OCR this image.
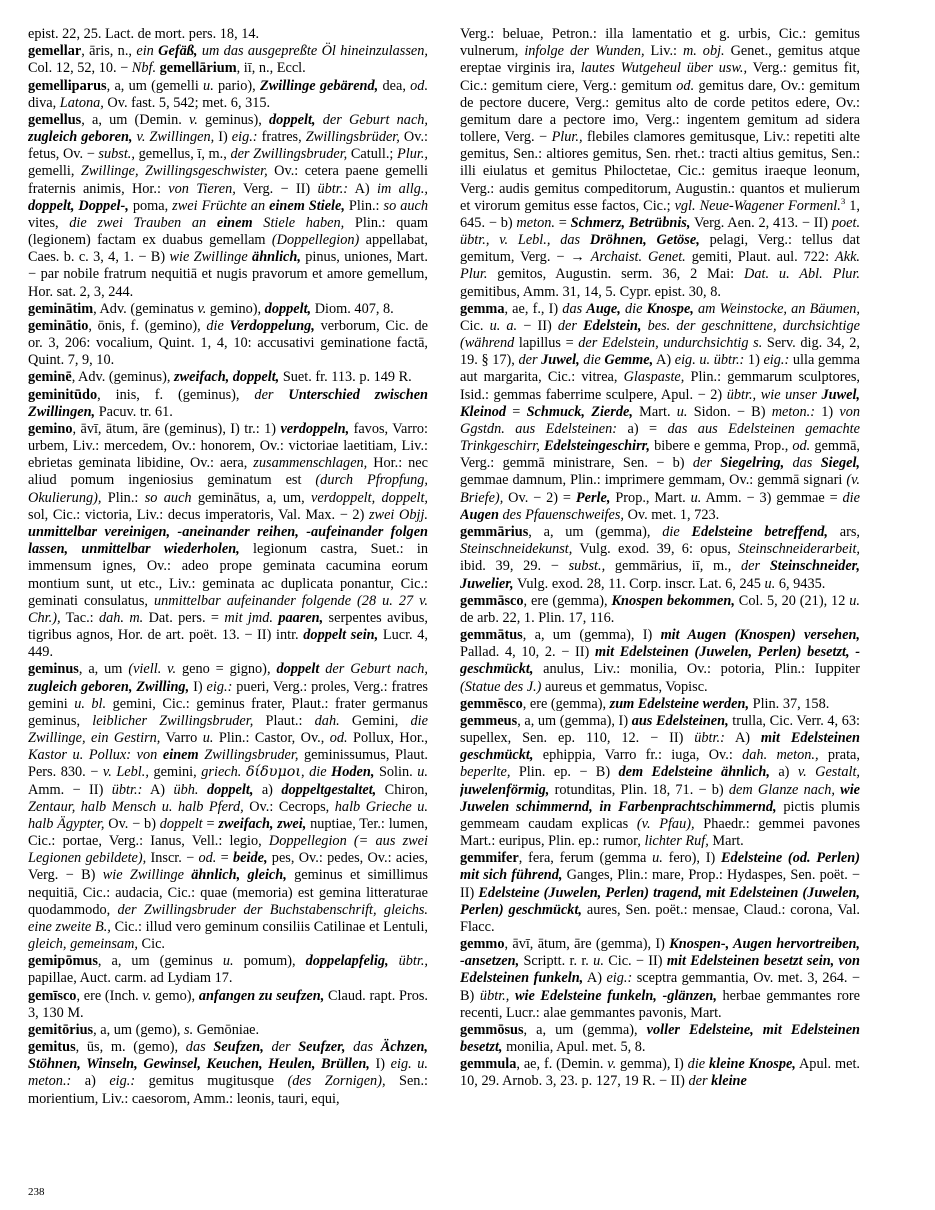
epist. 22, 25. Lact. de mort. pers. 18, 14.

gemellar, āris, n., ein Gefäß, um das ausgepreßte Öl hineinzulassen, Col. 12, 52, 10. − Nbf. gemellārium, iī, n., Eccl.

gemelliparus, a, um (gemelli u. pario), Zwillinge gebärend, dea, od. diva, Latona, Ov. fast. 5, 542; met. 6, 315.

gemellus, a, um (Demin. v. geminus), doppelt, der Geburt nach, zugleich geboren, v. Zwillingen, I) eig.: fratres, Zwillingsbrüder, Ov.: fetus, Ov. − subst., gemellus, ī, m., der Zwillingsbruder, Catull.; Plur., gemelli, Zwillinge, Zwillingsgeschwister, Ov.: cetera paene gemelli fraternis animis, Hor.: von Tieren, Verg. − II) übtr.: A) im allg., doppelt, Doppel-, poma, zwei Früchte an einem Stiele, Plin.: so auch vites, die zwei Trauben an einem Stiele haben, Plin.: quam (legionem) factam ex duabus gemellam (Doppellegion) appellabat, Caes. b. c. 3, 4, 1. − B) wie Zwillinge ähnlich, pinus, uniones, Mart. − par nobile fratrum nequitiā et nugis pravorum et amore gemellum, Hor. sat. 2, 3, 244.

geminātim, Adv. (geminatus v. gemino), doppelt, Diom. 407, 8.

geminātio, ōnis, f. (gemino), die Verdoppelung, verborum, Cic. de or. 3, 206: vocalium, Quint. 1, 4, 10: accusativi geminatione factā, Quint. 7, 9, 10.

geminē, Adv. (geminus), zweifach, doppelt, Suet. fr. 113. p. 149 R.

geminitūdo, inis, f. (geminus), der Unterschied zwischen Zwillingen, Pacuv. tr. 61.

gemino, āvī, ātum, āre (geminus), I) tr.: 1) verdoppeln, favos, Varro: urbem, Liv.: mercedem, Ov.: honorem, Ov.: victoriae laetitiam, Liv.: ebrietas geminata libidine, Ov.: aera, zusammenschlagen, Hor.: nec aliud pomum ingeniosius geminatum est (durch Pfropfung, Okulierung), Plin.: so auch geminātus, a, um, verdoppelt, doppelt, sol, Cic.: victoria, Liv.: decus imperatoris, Val. Max. − 2) zwei Objj. unmittelbar vereinigen, -aneinander reihen, -aufeinander folgen lassen, unmittelbar wiederholen, legionum castra, Suet.: in immensum ignes, Ov.: adeo prope geminata cacumina eorum montium sunt, ut etc., Liv.: geminata ac duplicata ponantur, Cic.: geminati consulatus, unmittelbar aufeinander folgende (28 u. 27 v. Chr.), Tac.: dah. m. Dat. pers. = mit jmd. paaren, serpentes avibus, tigribus agnos, Hor. de art. poët. 13. − II) intr. doppelt sein, Lucr. 4, 449.

geminus, a, um (viell. v. geno = gigno), doppelt der Geburt nach, zugleich geboren, Zwilling, I) eig.: pueri, Verg.: proles, Verg.: fratres gemini u. bl. gemini, Cic.: geminus frater, Plaut.: frater germanus geminus, leiblicher Zwillingsbruder, Plaut.: dah. Gemini, die Zwillinge, ein Gestirn, Varro u. Plin.: Castor, Ov., od. Pollux, Hor., Kastor u. Pollux: von einem Zwillingsbruder, geminissumus, Plaut. Pers. 830. − v. Lebl., gemini, griech. δίδυμοι, die Hoden, Solin. u. Amm. − II) übtr.: A) übh. doppelt, a) doppeltgestaltet, Chiron, Zentaur, halb Mensch u. halb Pferd, Ov.: Cecrops, halb Grieche u. halb Ägypter, Ov. − b) doppelt = zweifach, zwei, nuptiae, Ter.: lumen, Cic.: portae, Verg.: Ianus, Vell.: legio, Doppellegion (= aus zwei Legionen gebildete), Inscr. − od. = beide, pes, Ov.: pedes, Ov.: acies, Verg. − B) wie Zwillinge ähnlich, gleich, geminus et simillimus nequitiā, Cic.: audacia, Cic.: quae (memoria) est gemina litteraturae quodammodo, der Zwillingsbruder der Buchstabenschrift, gleichs. eine zweite B., Cic.: illud vero geminum consiliis Catilinae et Lentuli, gleich, gemeinsam, Cic.

gemipōmus, a, um (geminus u. pomum), doppelapfelig, übtr., papillae, Auct. carm. ad Lydiam 17.

gemīsco, ere (Inch. v. gemo), anfangen zu seufzen, Claud. rapt. Pros. 3, 130 M.

gemitōrius, a, um (gemo), s. Gemōniae.

gemitus, ūs, m. (gemo), das Seufzen, der Seufzer, das Ächzen, Stöhnen, Winseln, Gewinsel, Keuchen, Heulen, Brüllen, I) eig. u. meton.: a) eig.: gemitus mugitusque (des Zornigen), Sen.: morientium, Liv.: caesorom, Amm.: leonis, tauri, equi,

Verg.: beluae, Petron.: illa lamentatio et g. urbis, Cic.: gemitus vulnerum, infolge der Wunden, Liv.: m. obj. Genet., gemitus atque ereptae virginis ira, lautes Wutgeheul über usw., Verg.: gemitus fit, Cic.: gemitum ciere, Verg.: gemitum od. gemitus dare, Ov.: gemitum de pectore ducere, Verg.: gemitus alto de corde petitos edere, Ov.: gemitum dare a pectore imo, Verg.: ingentem gemitum ad sidera tollere, Verg. − Plur., flebiles clamores gemitusque, Liv.: repetiti alte gemitus, Sen.: altiores gemitus, Sen. rhet.: tracti altius gemitus, Sen.: illi eiulatus et gemitus Philoctetae, Cic.: gemitus iraeque leonum, Verg.: audis gemitus compeditorum, Augustin.: quantos et mulierum et virorum gemitus esse factos, Cic.; vgl. Neue-Wagener Formenl.$^3$ 1, 645. − b) meton. = Schmerz, Betrübnis, Verg. Aen. 2, 413. − II) poet. übtr., v. Lebl., das Dröhnen, Getöse, pelagi, Verg.: tellus dat gemitum, Verg. − → Archaist. Genet. gemiti, Plaut. aul. 722: Akk. Plur. gemitos, Augustin. serm. 36, 2 Mai: Dat. u. Abl. Plur. gemitibus, Amm. 31, 14, 5. Cypr. epist. 30, 8.

gemma, ae, f., I) das Auge, die Knospe, am Weinstocke, an Bäumen, Cic. u. a. − II) der Edelstein, bes. der geschnittene, durchsichtige (während lapillus = der Edelstein, undurchsichtig s. Serv. dig. 34, 2, 19. § 17), der Juwel, die Gemme, A) eig. u. übtr.: 1) eig.: ulla gemma aut margarita, Cic.: vitrea, Glaspaste, Plin.: gemmarum sculptores, Isid.: gemmas faberrime sculpere, Apul. − 2) übtr., wie unser Juwel, Kleinod = Schmuck, Zierde, Mart. u. Sidon. − B) meton.: 1) von Ggstdn. aus Edelsteinen: a) = das aus Edelsteinen gemachte Trinkgeschirr, Edelsteingeschirr, bibere e gemma, Prop., od. gemmā, Verg.: gemmā ministrare, Sen. − b) der Siegelring, das Siegel, gemmae damnum, Plin.: imprimere gemmam, Ov.: gemmā signari (v. Briefe), Ov. − 2) = Perle, Prop., Mart. u. Amm. − 3) gemmae = die Augen des Pfauenschweifes, Ov. met. 1, 723.

gemmārius, a, um (gemma), die Edelsteine betreffend, ars, Steinschneidekunst, Vulg. exod. 39, 6: opus, Steinschneiderarbeit, ibid. 39, 29. − subst., gemmārius, iī, m., der Steinschneider, Juwelier, Vulg. exod. 28, 11. Corp. inscr. Lat. 6, 245 u. 6, 9435.

gemmāsco, ere (gemma), Knospen bekommen, Col. 5, 20 (21), 12 u. de arb. 22, 1. Plin. 17, 116.

gemmātus, a, um (gemma), I) mit Augen (Knospen) versehen, Pallad. 4, 10, 2. − II) mit Edelsteinen (Juwelen, Perlen) besetzt, -geschmückt, anulus, Liv.: monilia, Ov.: potoria, Plin.: Iuppiter (Statue des J.) aureus et gemmatus, Vopisc.

gemmēsco, ere (gemma), zum Edelsteine werden, Plin. 37, 158.

gemmeus, a, um (gemma), I) aus Edelsteinen, trulla, Cic. Verr. 4, 63: supellex, Sen. ep. 110, 12. − II) übtr.: A) mit Edelsteinen geschmückt, ephippia, Varro fr.: iuga, Ov.: dah. meton., prata, beperlte, Plin. ep. − B) dem Edelsteine ähnlich, a) v. Gestalt, juwelenförmig, rotunditas, Plin. 18, 71. − b) dem Glanze nach, wie Juwelen schimmernd, in Farbenprachtschimmernd, pictis plumis gemmeam caudam explicas (v. Pfau), Phaedr.: gemmei pavones Mart.: euripus, Plin. ep.: rumor, lichter Ruf, Mart.

gemmifer, fera, ferum (gemma u. fero), I) Edelsteine (od. Perlen) mit sich führend, Ganges, Plin.: mare, Prop.: Hydaspes, Sen. poët. − II) Edelsteine (Juwelen, Perlen) tragend, mit Edelsteinen (Juwelen, Perlen) geschmückt, aures, Sen. poët.: mensae, Claud.: corona, Val. Flacc.

gemmo, āvī, ātum, āre (gemma), I) Knospen-, Augen hervortreiben, -ansetzen, Scriptt. r. r. u. Cic. − II) mit Edelsteinen besetzt sein, von Edelsteinen funkeln, A) eig.: sceptra gemmantia, Ov. met. 3, 264. − B) übtr., wie Edelsteine funkeln, -glänzen, herbae gemmantes rore recenti, Lucr.: alae gemmantes pavonis, Mart.

gemmōsus, a, um (gemma), voller Edelsteine, mit Edelsteinen besetzt, monilia, Apul. met. 5, 8.

gemmula, ae, f. (Demin. v. gemma), I) die kleine Knospe, Apul. met. 10, 29. Arnob. 3, 23. p. 127, 19 R. − II) der kleine

238
